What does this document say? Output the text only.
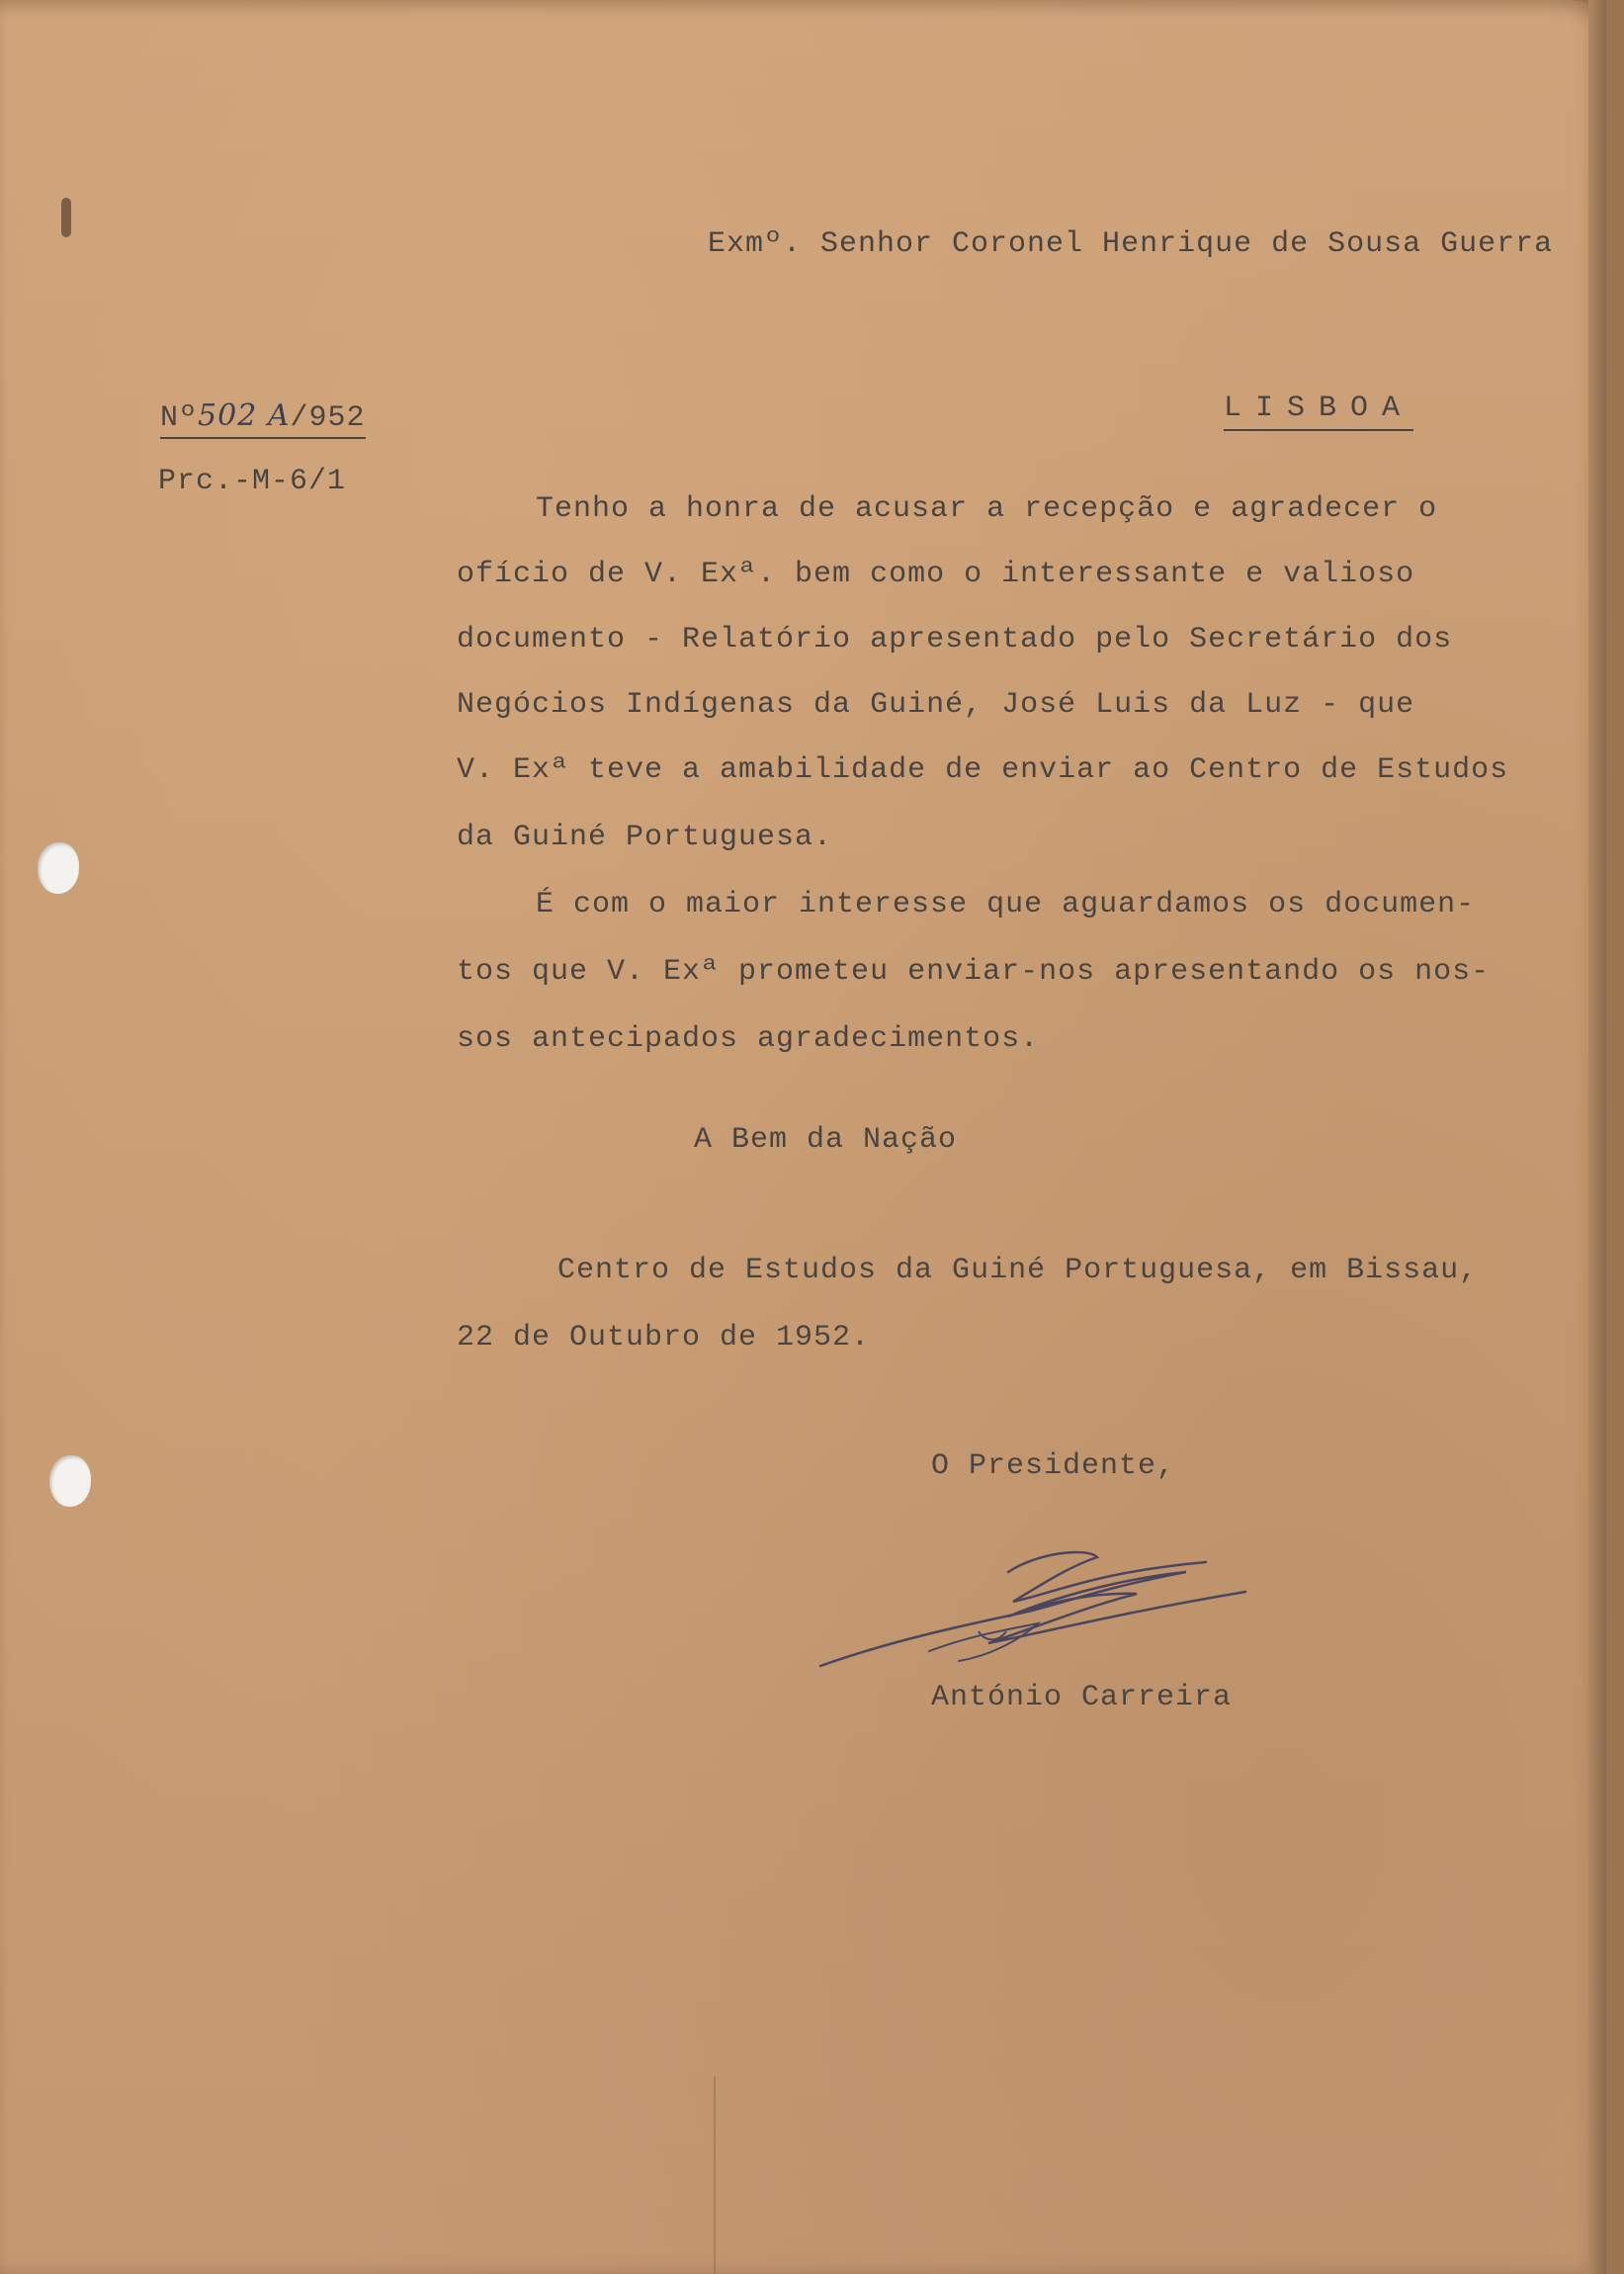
Exmº. Senhor Coronel Henrique de Sousa Guerra
LISBOA
Nº502 A/952
Prc.-M-6/1
Tenho a honra de acusar a recepção e agradecer o
ofício de V. Exª. bem como o interessante e valioso
documento - Relatório apresentado pelo Secretário dos
Negócios Indígenas da Guiné, José Luis da Luz - que
V. Exª teve a amabilidade de enviar ao Centro de Estudos
da Guiné Portuguesa.
É com o maior interesse que aguardamos os documen-
tos que V. Exª prometeu enviar-nos apresentando os nos-
sos antecipados agradecimentos.
A Bem da Nação
Centro de Estudos da Guiné Portuguesa, em Bissau,
22 de Outubro de 1952.
O Presidente,
António Carreira
